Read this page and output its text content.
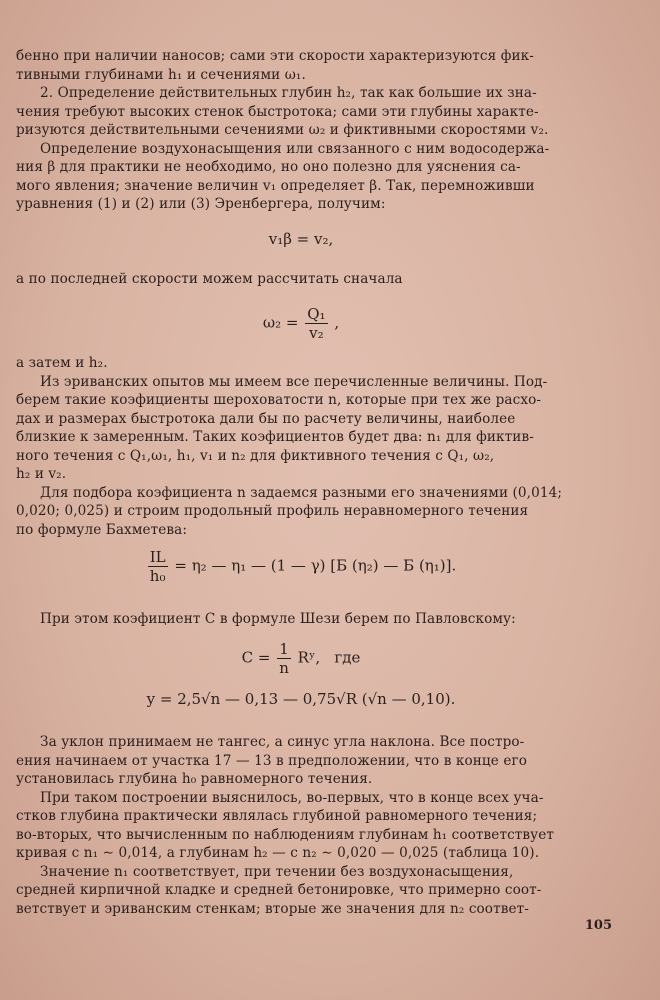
бенно при наличии наносов; сами эти скорости характеризуются фик-

тивными глубинами h₁ и сечениями ω₁.

2. Определение действительных глубин h₂, так как большие их зна-

чения требуют высоких стенок быстротока; сами эти глубины характе-

ризуются действительными сечениями ω₂ и фиктивными скоростями v₂.

Определение воздухонасыщения или связанного с ним водосодержа-

ния β для практики не необходимо, но оно полезно для уяснения са-

мого явления; значение величин v₁ определяет β. Так, перемноживши

уравнения (1) и (2) или (3) Эренбергера, получим:

v₁β = v₂,

а по последней скорости можем рассчитать сначала

$\omega_2 = \frac{\text{Q₁}}{\text{v₂}}$ ,

а затем и h₂.

Из эриванских опытов мы имеем все перечисленные величины. Под-

берем такие коэфициенты шероховатости n, которые при тех же расхо-

дах и размерах быстротока дали бы по расчету величины, наиболее

близкие к замеренным. Таких коэфициентов будет два: n₁ для фиктив-

ного течения с Q₁,ω₁, h₁, v₁ и n₂ для фиктивного течения с Q₁, ω₂,

h₂ и v₂.

Для подбора коэфициента n задаемся разными его значениями (0,014;

0,020; 0,025) и строим продольный профиль неравномерного течения

по формуле Бахметева:

$\frac{IL}{\text{h₀}} = \eta_2$ — η₁ — (1 — γ) [Б (η₂) — Б (η₁)].

При этом коэфициент C в формуле Шези берем по Павловскому:

$C = \frac{1}{n}$ Rʸ,   где
y = 2,5√n — 0,13 — 0,75√R (√n — 0,10).

За уклон принимаем не тангес, а синус угла наклона. Все постро-

ения начинаем от участка 17 — 13 в предположении, что в конце его

установилась глубина h₀ равномерного течения.

При таком построении выяснилось, во-первых, что в конце всех уча-

стков глубина практически являлась глубиной равномерного течения;

во-вторых, что вычисленным по наблюдениям глубинам h₁ соответствует

кривая с n₁ ∼ 0,014, а глубинам h₂ — с n₂ ∼ 0,020 — 0,025 (таблица 10).

Значение n₁ соответствует, при течении без воздухонасыщения,

средней кирпичной кладке и средней бетонировке, что примерно соот-

ветствует и эриванским стенкам; вторые же значения для n₂ соответ-

105
